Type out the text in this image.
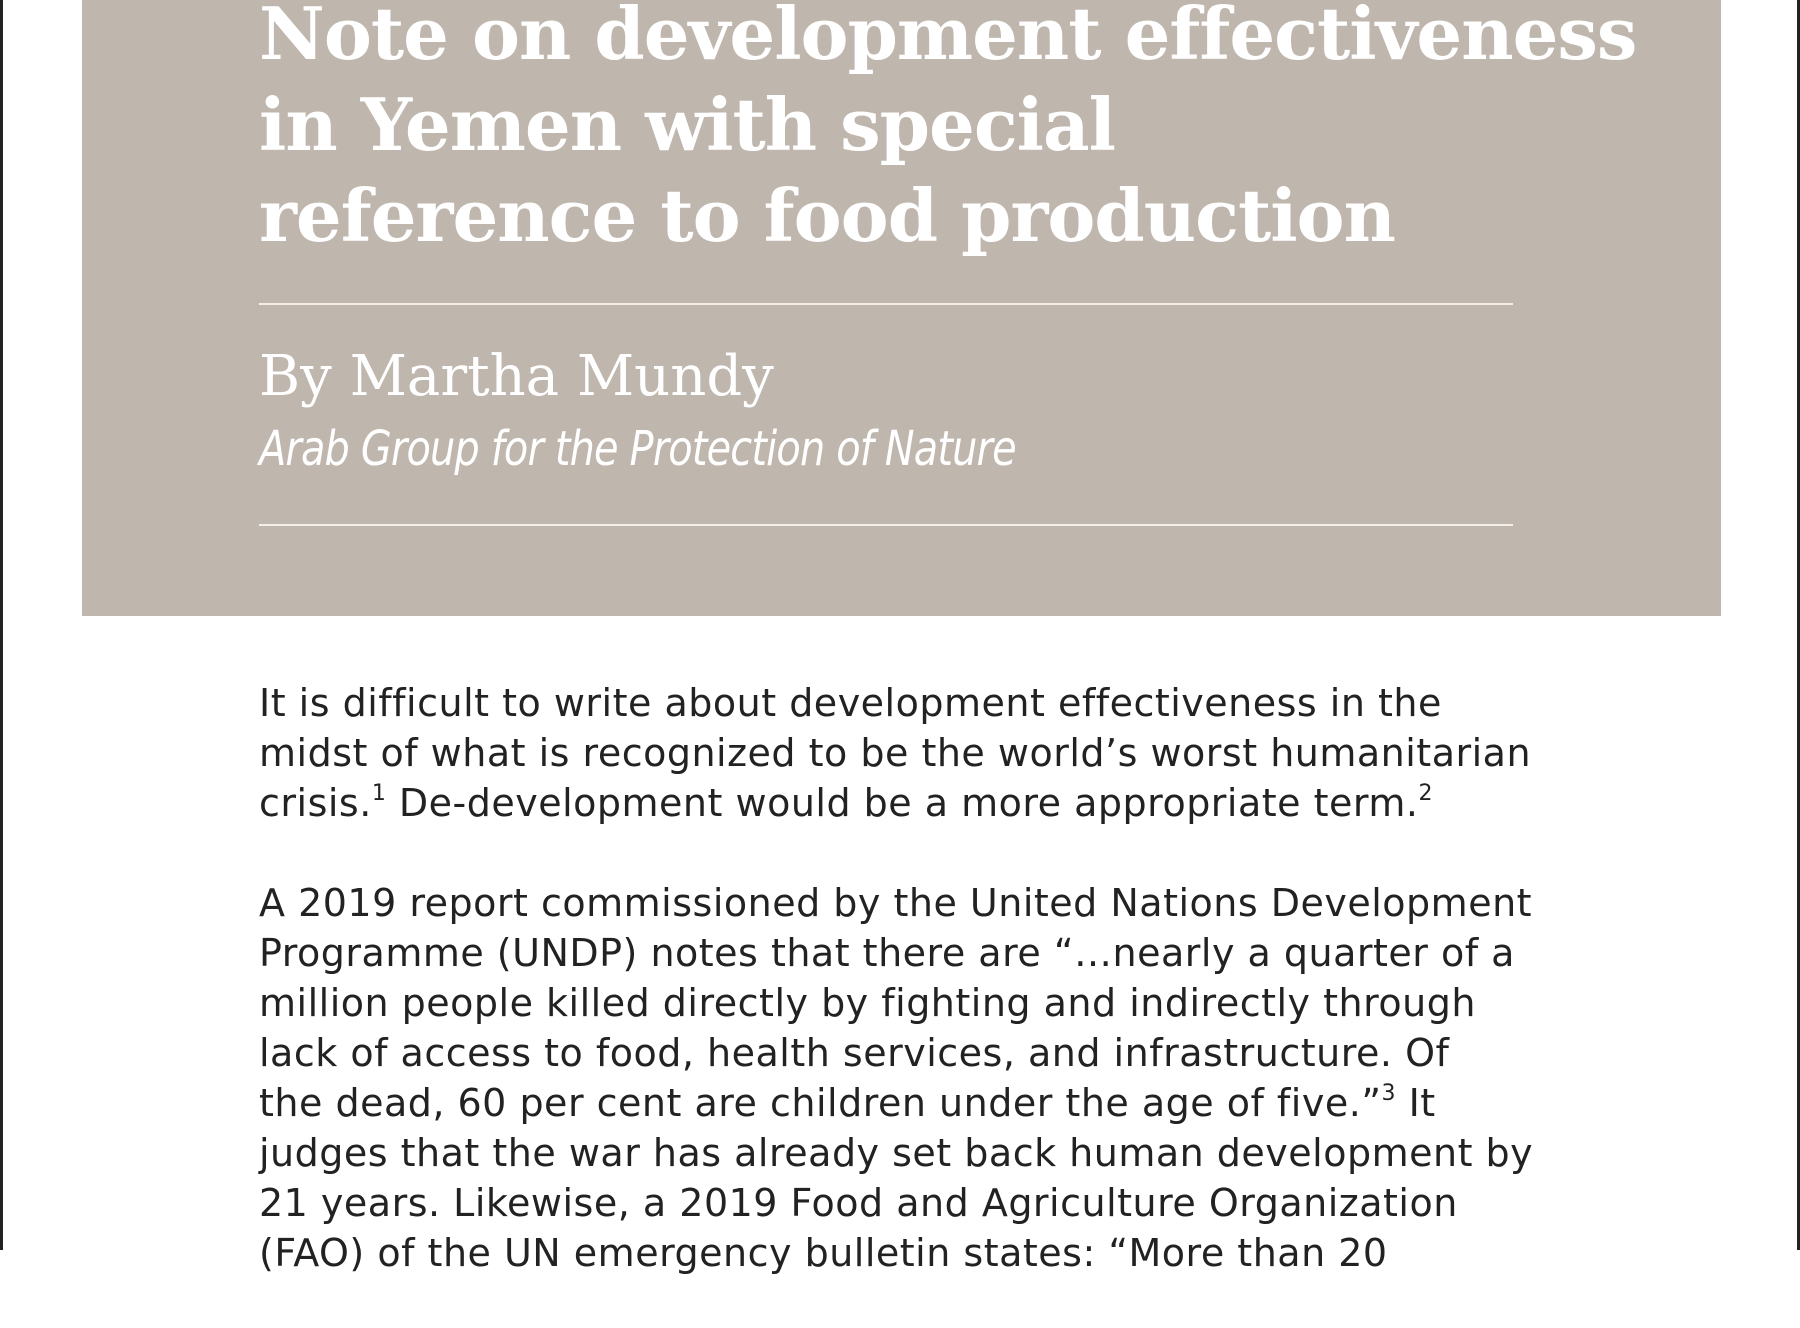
Note on development effectiveness
in Yemen with special
reference to food production

By Martha Mundy

Arab Group for the Protection of Nature

It is difficult to write about development effectiveness in the
midst of what is recognized to be the world’s worst humanitarian
crisis.$^1$ De-development would be a more appropriate term.$^2$

A 2019 report commissioned by the United Nations Development
Programme (UNDP) notes that there are “…nearly a quarter of a
million people killed directly by fighting and indirectly through
lack of access to food, health services, and infrastructure. Of
the dead, 60 per cent are children under the age of five.”$^3$ It
judges that the war has already set back human development by
21 years. Likewise, a 2019 Food and Agriculture Organization
(FAO) of the UN emergency bulletin states: “More than 20
